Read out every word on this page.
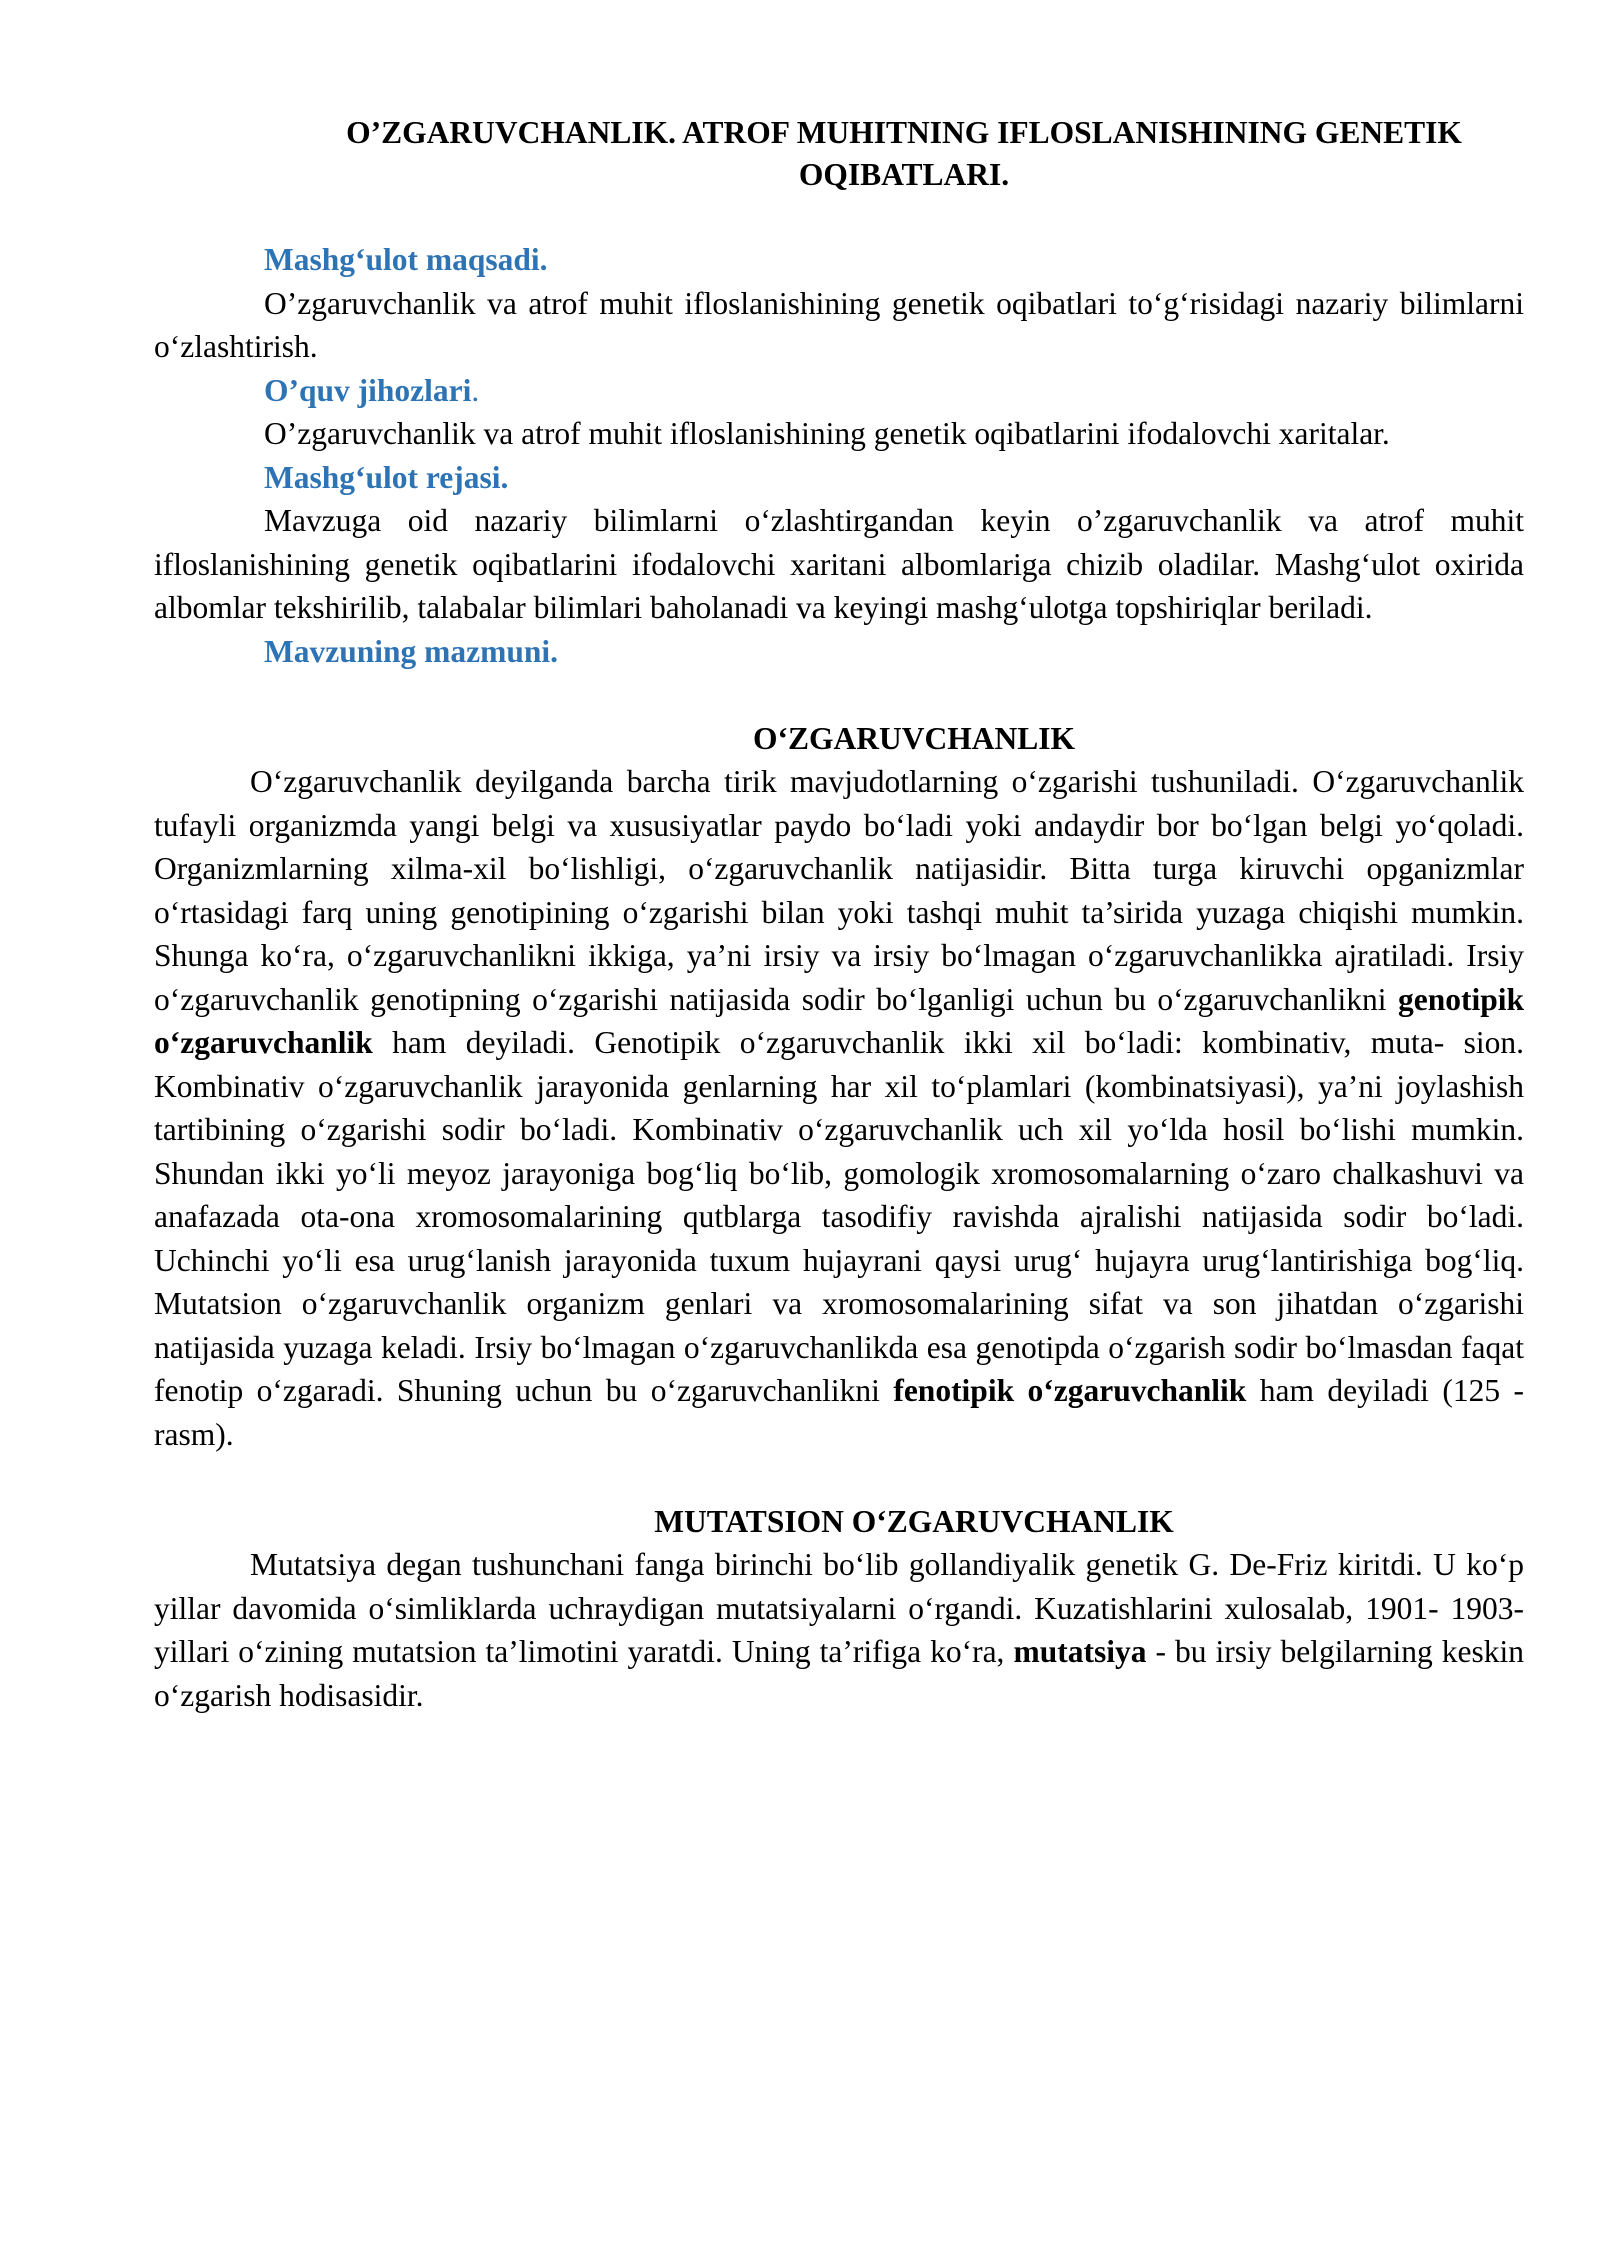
O’ZGARUVCHANLIK. ATROF MUHITNING IFLOSLANISHINING GENETIK OQIBATLARI.
Mashg‘ulot maqsadi.

O’zgaruvchanlik va atrof muhit ifloslanishining genetik oqibatlari to‘g‘risidagi nazariy bilimlarni o‘zlashtirish.

O’quv jihozlari.

O’zgaruvchanlik va atrof muhit ifloslanishining genetik oqibatlarini ifodalovchi xaritalar.

Mashg‘ulot rejasi.

Mavzuga oid nazariy bilimlarni o‘zlashtirgandan keyin o’zgaruvchanlik va atrof muhit ifloslanishining genetik oqibatlarini ifodalovchi xaritani albomlariga chizib oladilar. Mashg‘ulot oxirida albomlar tekshirilib, talabalar bilimlari baholanadi va keyingi mashg‘ulotga topshiriqlar beriladi.

Mavzuning mazmuni.
O‘ZGARUVCHANLIK

O‘zgaruvchanlik deyilganda barcha tirik mavjudotlarning o‘zgarishi tushuniladi. O‘zgaruvchanlik tufayli organizmda yangi belgi va xususiyatlar paydo bo‘ladi yoki andaydir bor bo‘lgan belgi yo‘qoladi. Organizmlarning xilma-xil bo‘lishligi, o‘zgaruvchanlik natijasidir. Bitta turga kiruvchi opganizmlar o‘rtasidagi farq uning genotipining o‘zgarishi bilan yoki tashqi muhit ta’sirida yuzaga chiqishi mumkin. Shunga ko‘ra, o‘zgaruvchanlikni ikkiga, ya’ni irsiy va irsiy bo‘lmagan o‘zgaruvchanlikka ajratiladi. Irsiy o‘zgaruvchanlik genotipning o‘zgarishi natijasida sodir bo‘lganligi uchun bu o‘zgaruvchanlikni genotipik o‘zgaruvchanlik ham deyiladi. Genotipik o‘zgaruvchanlik ikki xil bo‘ladi: kombinativ, muta- sion. Kombinativ o‘zgaruvchanlik jarayonida genlarning har xil to‘plamlari (kombinatsiyasi), ya’ni joylashish tartibining o‘zgarishi sodir bo‘ladi. Kombinativ o‘zgaruvchanlik uch xil yo‘lda hosil bo‘lishi mumkin. Shundan ikki yo‘li meyoz jarayoniga bog‘liq bo‘lib, gomologik xromosomalarning o‘zaro chalkashuvi va anafazada ota-ona xromosomalarining qutblarga tasodifiy ravishda ajralishi natijasida sodir bo‘ladi. Uchinchi yo‘li esa urug‘lanish jarayonida tuxum hujayrani qaysi urug‘ hujayra urug‘lantirishiga bog‘liq. Mutatsion o‘zgaruvchanlik organizm genlari va xromosomalarining sifat va son jihatdan o‘zgarishi natijasida yuzaga keladi. Irsiy bo‘lmagan o‘zgaruvchanlikda esa genotipda o‘zgarish sodir bo‘lmasdan faqat fenotip o‘zgaradi. Shuning uchun bu o‘zgaruvchanlikni fenotipik o‘zgaruvchanlik ham deyiladi (125 - rasm).

MUTATSION O‘ZGARUVCHANLIK

Mutatsiya degan tushunchani fanga birinchi bo‘lib gollandiyalik genetik G. De-Friz kiritdi. U ko‘p yillar davomida o‘simliklarda uchraydigan mutatsiyalarni o‘rgandi. Kuzatishlarini xulosalab, 1901- 1903-yillari o‘zining mutatsion ta’limotini yaratdi. Uning ta’rifiga ko‘ra, mutatsiya - bu irsiy belgilarning keskin o‘zgarish hodisasidir.
